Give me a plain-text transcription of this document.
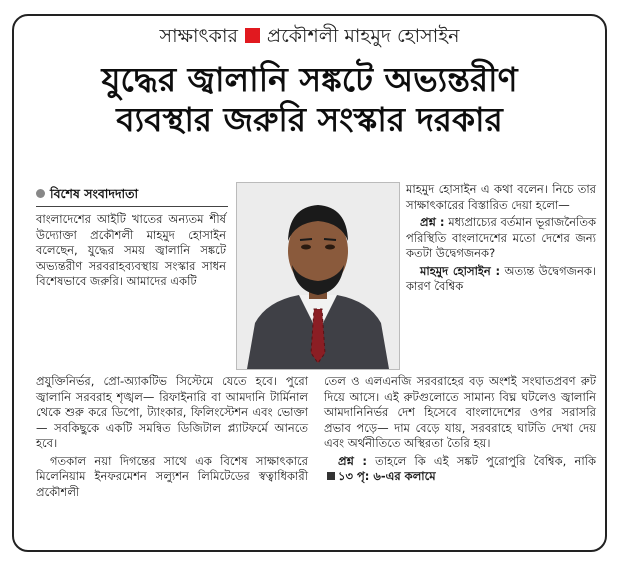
সাক্ষাৎকার প্রকৌশলী মাহমুদ হোসাইন
যুদ্ধের জ্বালানি সঙ্কটে অভ্যন্তরীণ
ব্যবস্থার জরুরি সংস্কার দরকার
বিশেষ সংবাদদাতা

বাংলাদেশের আইটি খাতের অন্যতম শীর্ষ উদ্যোক্তা প্রকৌশলী মাহমুদ হোসাইন বলেছেন, যুদ্ধের সময় জ্বালানি সঙ্কটে অভ্যন্তরীণ সরবরাহব্যবস্থায় সংস্কার সাধন বিশেষভাবে জরুরি। আমাদের একটি

মাহমুদ হোসাইন এ কথা বলেন। নিচে তার সাক্ষাৎকারের বিস্তারিত দেয়া হলো—

প্রশ্ন : মধ্যপ্রাচ্যের বর্তমান ভূরাজনৈতিক পরিস্থিতি বাংলাদেশের মতো দেশের জন্য কতটা উদ্বেগজনক?

মাহমুদ হোসাইন : অত্যন্ত উদ্বেগজনক। কারণ বৈশ্বিক

প্রযুক্তিনির্ভর, প্রো-অ্যাকটিভ সিস্টেমে যেতে হবে। পুরো জ্বালানি সরবরাহ শৃঙ্খল— রিফাইনারি বা আমদানি টার্মিনাল থেকে শুরু করে ডিপো, ট্যাংকার, ফিলিংস্টেশন এবং ভোক্তা— সবকিছুকে একটি সমন্বিত ডিজিটাল প্ল্যাটফর্মে আনতে হবে।

গতকাল নয়া দিগন্তের সাথে এক বিশেষ সাক্ষাৎকারে মিলেনিয়াম ইনফরমেশন সল্যুশন লিমিটেডের স্বত্বাধিকারী প্রকৌশলী

তেল ও এলএনজি সরবরাহের বড় অংশই সংঘাতপ্রবণ রুট দিয়ে আসে। এই রুটগুলোতে সামান্য বিঘ্ন ঘটলেও জ্বালানি আমদানিনির্ভর দেশ হিসেবে বাংলাদেশের ওপর সরাসরি প্রভাব পড়ে— দাম বেড়ে যায়, সরবরাহে ঘাটতি দেখা দেয় এবং অর্থনীতিতে অস্থিরতা তৈরি হয়।

প্রশ্ন : তাহলে কি এই সঙ্কট পুরোপুরি বৈশ্বিক, নাকি ১৩ পৃ: ৬-এর কলামে
